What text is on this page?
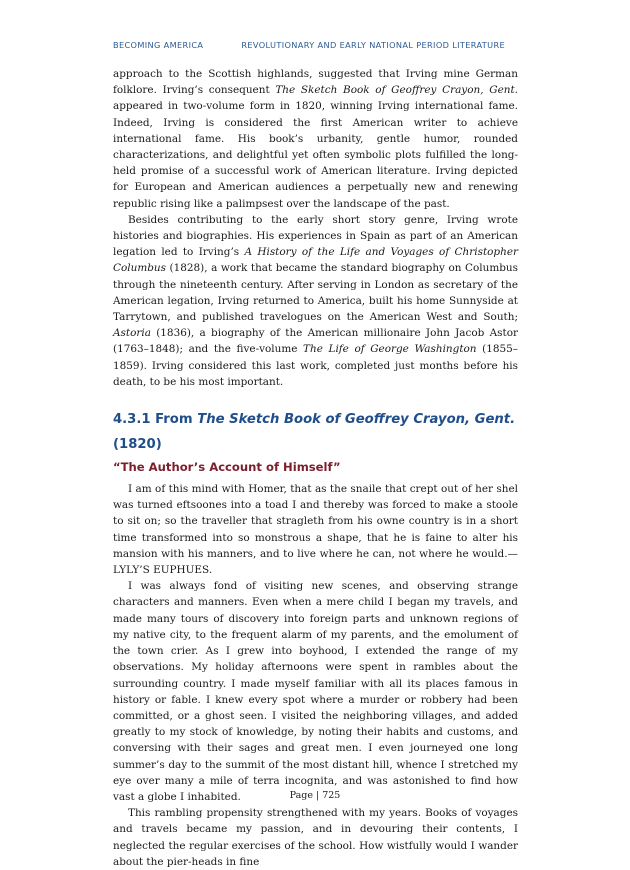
BECOMING AMERICA	REVOLUTIONARY AND EARLY NATIONAL PERIOD LITERATURE

approach to the Scottish highlands, suggested that Irving mine German folklore. Irving’s consequent The Sketch Book of Geoffrey Crayon, Gent. appeared in two-volume form in 1820, winning Irving international fame. Indeed, Irving is considered the first American writer to achieve international fame. His book’s urbanity, gentle humor, rounded characterizations, and delightful yet often symbolic plots fulfilled the long-held promise of a successful work of American literature. Irving depicted for European and American audiences a perpetually new and renewing republic rising like a palimpsest over the landscape of the past.

Besides contributing to the early short story genre, Irving wrote histories and biographies. His experiences in Spain as part of an American legation led to Irving’s A History of the Life and Voyages of Christopher Columbus (1828), a work that became the standard biography on Columbus through the nineteenth century. After serving in London as secretary of the American legation, Irving returned to America, built his home Sunnyside at Tarrytown, and published travelogues on the American West and South; Astoria (1836), a biography of the American millionaire John Jacob Astor (1763–1848); and the five-volume The Life of George Washington (1855–1859). Irving considered this last work, completed just months before his death, to be his most important.

4.3.1 From The Sketch Book of Geoffrey Crayon, Gent.
(1820)
“The Author’s Account of Himself”

I am of this mind with Homer, that as the snaile that crept out of her shel was turned eftsoones into a toad I and thereby was forced to make a stoole to sit on; so the traveller that stragleth from his owne country is in a short time transformed into so monstrous a shape, that he is faine to alter his mansion with his manners, and to live where he can, not where he would.—LYLY’S EUPHUES.

I was always fond of visiting new scenes, and observing strange characters and manners. Even when a mere child I began my travels, and made many tours of discovery into foreign parts and unknown regions of my native city, to the frequent alarm of my parents, and the emolument of the town crier. As I grew into boyhood, I extended the range of my observations. My holiday afternoons were spent in rambles about the surrounding country. I made myself familiar with all its places famous in history or fable. I knew every spot where a murder or robbery had been committed, or a ghost seen. I visited the neighboring villages, and added greatly to my stock of knowledge, by noting their habits and customs, and conversing with their sages and great men. I even journeyed one long summer’s day to the summit of the most distant hill, whence I stretched my eye over many a mile of terra incognita, and was astonished to find how vast a globe I inhabited.

This rambling propensity strengthened with my years. Books of voyages and travels became my passion, and in devouring their contents, I neglected the regular exercises of the school. How wistfully would I wander about the pier-heads in fine

Page | 725
